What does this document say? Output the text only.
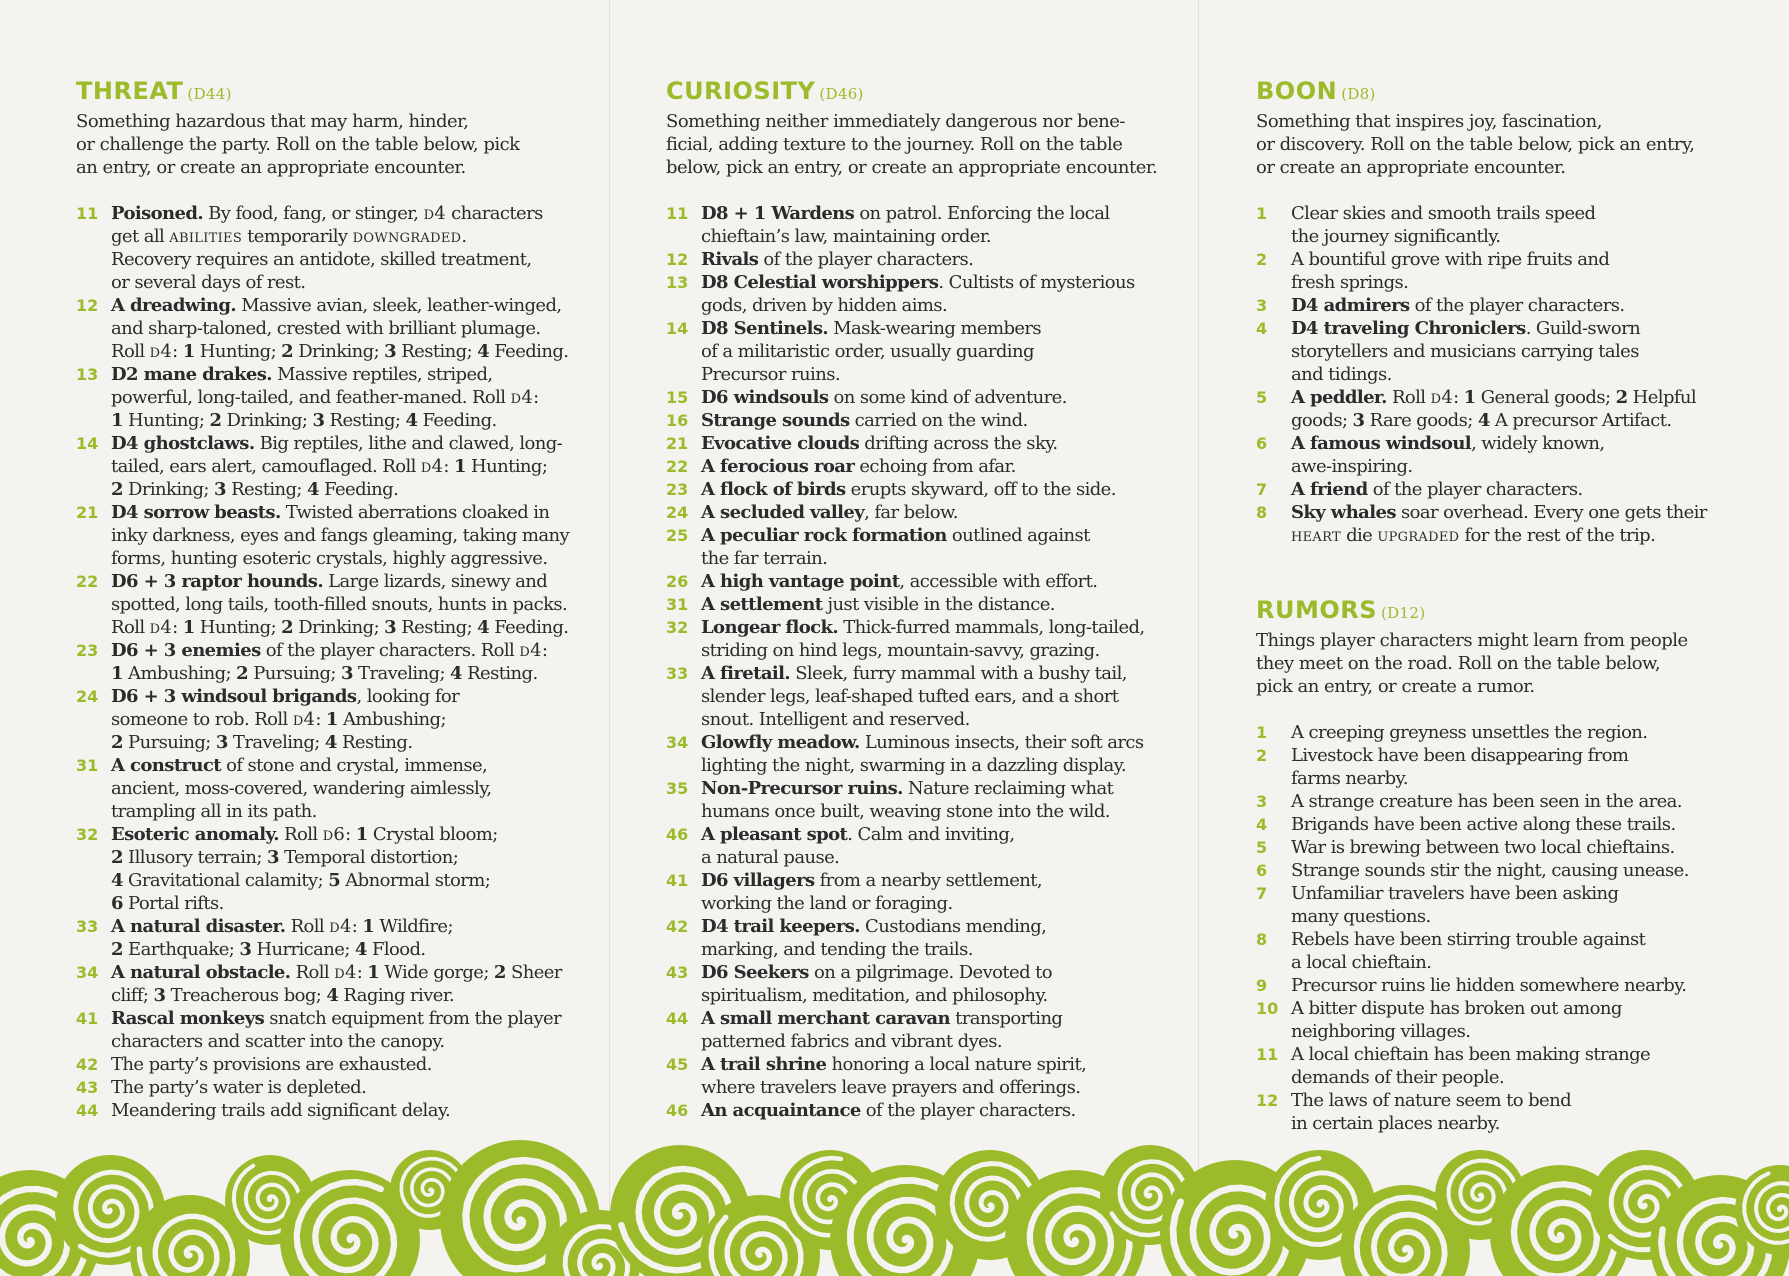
THREAT (D44)
Something hazardous that may harm, hinder,
or challenge the party. Roll on the table below, pick
an entry, or create an appropriate encounter.
11 Poisoned. By food, fang, or stinger, d4 characters
get all abilities temporarily downgraded.
Recovery requires an antidote, skilled treatment,
or several days of rest.
12 A dreadwing. Massive avian, sleek, leather-winged,
and sharp-taloned, crested with brilliant plumage.
Roll d4: 1 Hunting; 2 Drinking; 3 Resting; 4 Feeding.
13 D2 mane drakes. Massive reptiles, striped,
powerful, long-tailed, and feather-maned. Roll d4:
1 Hunting; 2 Drinking; 3 Resting; 4 Feeding.
14 D4 ghostclaws. Big reptiles, lithe and clawed, long-
tailed, ears alert, camouflaged. Roll d4: 1 Hunting;
2 Drinking; 3 Resting; 4 Feeding.
21 D4 sorrow beasts. Twisted aberrations cloaked in
inky darkness, eyes and fangs gleaming, taking many
forms, hunting esoteric crystals, highly aggressive.
22 D6 + 3 raptor hounds. Large lizards, sinewy and
spotted, long tails, tooth-filled snouts, hunts in packs.
Roll d4: 1 Hunting; 2 Drinking; 3 Resting; 4 Feeding.
23 D6 + 3 enemies of the player characters. Roll d4:
1 Ambushing; 2 Pursuing; 3 Traveling; 4 Resting.
24 D6 + 3 windsoul brigands, looking for
someone to rob. Roll d4: 1 Ambushing;
2 Pursuing; 3 Traveling; 4 Resting.
31 A construct of stone and crystal, immense,
ancient, moss-covered, wandering aimlessly,
trampling all in its path.
32 Esoteric anomaly. Roll d6: 1 Crystal bloom;
2 Illusory terrain; 3 Temporal distortion;
4 Gravitational calamity; 5 Abnormal storm;
6 Portal rifts.
33 A natural disaster. Roll d4: 1 Wildfire;
2 Earthquake; 3 Hurricane; 4 Flood.
34 A natural obstacle. Roll d4: 1 Wide gorge; 2 Sheer
cliff; 3 Treacherous bog; 4 Raging river.
41 Rascal monkeys snatch equipment from the player
characters and scatter into the canopy.
42 The party’s provisions are exhausted.
43 The party’s water is depleted.
44 Meandering trails add significant delay.
CURIOSITY (D46)
Something neither immediately dangerous nor bene-
ficial, adding texture to the journey. Roll on the table
below, pick an entry, or create an appropriate encounter.
11 D8 + 1 Wardens on patrol. Enforcing the local
chieftain’s law, maintaining order.
12 Rivals of the player characters.
13 D8 Celestial worshippers. Cultists of mysterious
gods, driven by hidden aims.
14 D8 Sentinels. Mask-wearing members
of a militaristic order, usually guarding
Precursor ruins.
15 D6 windsouls on some kind of adventure.
16 Strange sounds carried on the wind.
21 Evocative clouds drifting across the sky.
22 A ferocious roar echoing from afar.
23 A flock of birds erupts skyward, off to the side.
24 A secluded valley, far below.
25 A peculiar rock formation outlined against
the far terrain.
26 A high vantage point, accessible with effort.
31 A settlement just visible in the distance.
32 Longear flock. Thick-furred mammals, long-tailed,
striding on hind legs, mountain-savvy, grazing.
33 A firetail. Sleek, furry mammal with a bushy tail,
slender legs, leaf-shaped tufted ears, and a short
snout. Intelligent and reserved.
34 Glowfly meadow. Luminous insects, their soft arcs
lighting the night, swarming in a dazzling display.
35 Non-Precursor ruins. Nature reclaiming what
humans once built, weaving stone into the wild.
46 A pleasant spot. Calm and inviting,
a natural pause.
41 D6 villagers from a nearby settlement,
working the land or foraging.
42 D4 trail keepers. Custodians mending,
marking, and tending the trails.
43 D6 Seekers on a pilgrimage. Devoted to
spiritualism, meditation, and philosophy.
44 A small merchant caravan transporting
patterned fabrics and vibrant dyes.
45 A trail shrine honoring a local nature spirit,
where travelers leave prayers and offerings.
46 An acquaintance of the player characters.
BOON (D8)
Something that inspires joy, fascination,
or discovery. Roll on the table below, pick an entry,
or create an appropriate encounter.
1	Clear skies and smooth trails speed
the journey significantly.
2	A bountiful grove with ripe fruits and
fresh springs.
3	D4 admirers of the player characters.
4	D4 traveling Chroniclers. Guild-sworn
storytellers and musicians carrying tales
and tidings.
5	A peddler. Roll d4: 1 General goods; 2 Helpful
goods; 3 Rare goods; 4 A precursor Artifact.
6	A famous windsoul, widely known,
awe-inspiring.
7	A friend of the player characters.
8	Sky whales soar overhead. Every one gets their
heart die upgraded for the rest of the trip.
RUMORS (D12)
Things player characters might learn from people
they meet on the road. Roll on the table below,
pick an entry, or create a rumor.
1	A creeping greyness unsettles the region.
2	Livestock have been disappearing from
farms nearby.
3	A strange creature has been seen in the area.
4	Brigands have been active along these trails.
5	War is brewing between two local chieftains.
6	Strange sounds stir the night, causing unease.
7	Unfamiliar travelers have been asking
many questions.
8	Rebels have been stirring trouble against
a local chieftain.
9	Precursor ruins lie hidden somewhere nearby.
10 A bitter dispute has broken out among
neighboring villages.
11 A local chieftain has been making strange
demands of their people.
12 The laws of nature seem to bend
in certain places nearby.
